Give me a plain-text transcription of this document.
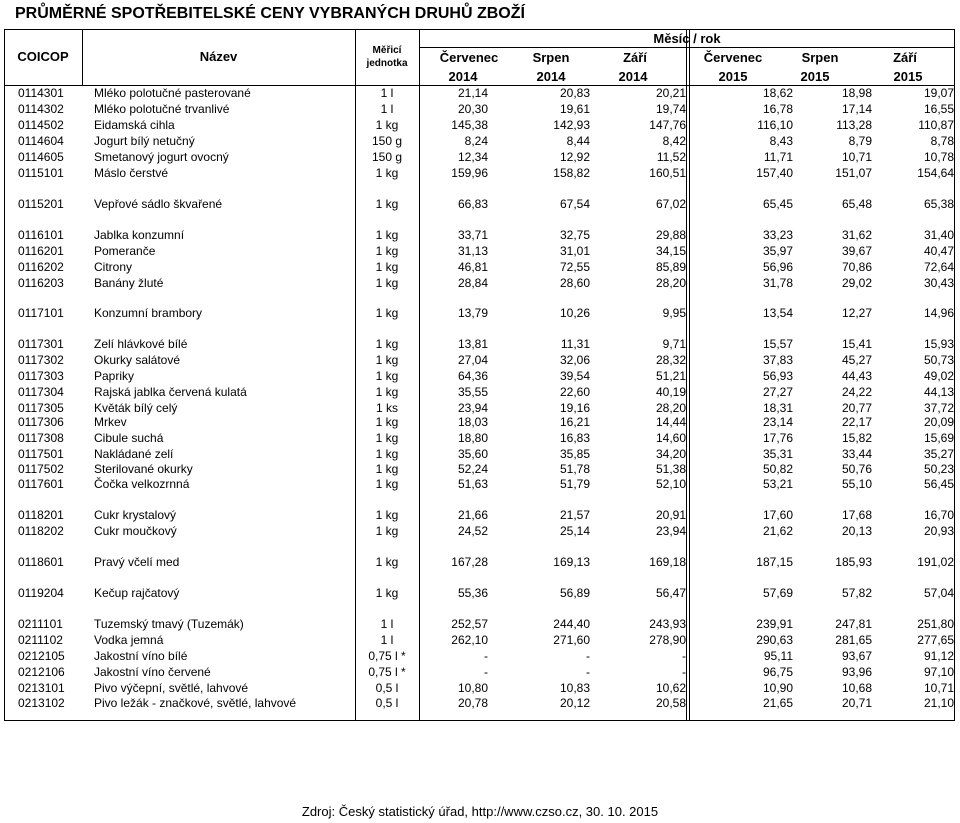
PRŮMĚRNÉ SPOTŘEBITELSKÉ CENY VYBRANÝCH DRUHŮ ZBOŽÍ
COICOP	Název	Měřicí
jednotka
Měsíc / rok
Červenec	Srpen	Září	Červenec	Srpen	Září
2014	2014	2014	2015	2015	2015
0114301	Mléko polotučné pasterované	1 l	21,14	20,83	20,21	18,62	18,98	19,07
0114302	Mléko polotučné trvanlivé	1 l	20,30	19,61	19,74	16,78	17,14	16,55
0114502	Eidamská cihla	1 kg	145,38	142,93	147,76	116,10	113,28	110,87
0114604	Jogurt bílý netučný	150 g	8,24	8,44	8,42	8,43	8,79	8,78
0114605	Smetanový jogurt ovocný	150 g	12,34	12,92	11,52	11,71	10,71	10,78
0115101	Máslo čerstvé	1 kg	159,96	158,82	160,51	157,40	151,07	154,64
0115201	Vepřové sádlo škvařené	1 kg	66,83	67,54	67,02	65,45	65,48	65,38
0116101	Jablka konzumní	1 kg	33,71	32,75	29,88	33,23	31,62	31,40
0116201	Pomeranče	1 kg	31,13	31,01	34,15	35,97	39,67	40,47
0116202	Citrony	1 kg	46,81	72,55	85,89	56,96	70,86	72,64
0116203	Banány žluté	1 kg	28,84	28,60	28,20	31,78	29,02	30,43
0117101	Konzumní brambory	1 kg	13,79	10,26	9,95	13,54	12,27	14,96
0117301	Zelí hlávkové bílé	1 kg	13,81	11,31	9,71	15,57	15,41	15,93
0117302	Okurky salátové	1 kg	27,04	32,06	28,32	37,83	45,27	50,73
0117303	Papriky	1 kg	64,36	39,54	51,21	56,93	44,43	49,02
0117304	Rajská jablka červená kulatá	1 kg	35,55	22,60	40,19	27,27	24,22	44,13
0117305	Květák bílý celý	1 ks	23,94	19,16	28,20	18,31	20,77	37,72
0117306	Mrkev	1 kg	18,03	16,21	14,44	23,14	22,17	20,09
0117308	Cibule suchá	1 kg	18,80	16,83	14,60	17,76	15,82	15,69
0117501	Nakládané zelí	1 kg	35,60	35,85	34,20	35,31	33,44	35,27
0117502	Sterilované okurky	1 kg	52,24	51,78	51,38	50,82	50,76	50,23
0117601	Čočka velkozrnná	1 kg	51,63	51,79	52,10	53,21	55,10	56,45
0118201	Cukr krystalový	1 kg	21,66	21,57	20,91	17,60	17,68	16,70
0118202	Cukr moučkový	1 kg	24,52	25,14	23,94	21,62	20,13	20,93
0118601	Pravý včelí med	1 kg	167,28	169,13	169,18	187,15	185,93	191,02
0119204	Kečup rajčatový	1 kg	55,36	56,89	56,47	57,69	57,82	57,04
0211101	Tuzemský tmavý (Tuzemák)	1 l	252,57	244,40	243,93	239,91	247,81	251,80
0211102	Vodka jemná	1 l	262,10	271,60	278,90	290,63	281,65	277,65
0212105 Jakostní víno bílé	0,75 l *	-	-	-	95,11	93,67	91,12
0212106 Jakostní víno červené	0,75 l *	-	-	-	96,75	93,96	97,10
0213101 Pivo výčepní, světlé, lahvové	0,5 l	10,80	10,83	10,62	10,90	10,68	10,71
0213102 Pivo ležák - značkové, světlé, lahvové	0,5 l	20,78	20,12	20,58	21,65	20,71	21,10
Zdroj: Český statistický úřad, http://www.czso.cz, 30. 10. 2015
